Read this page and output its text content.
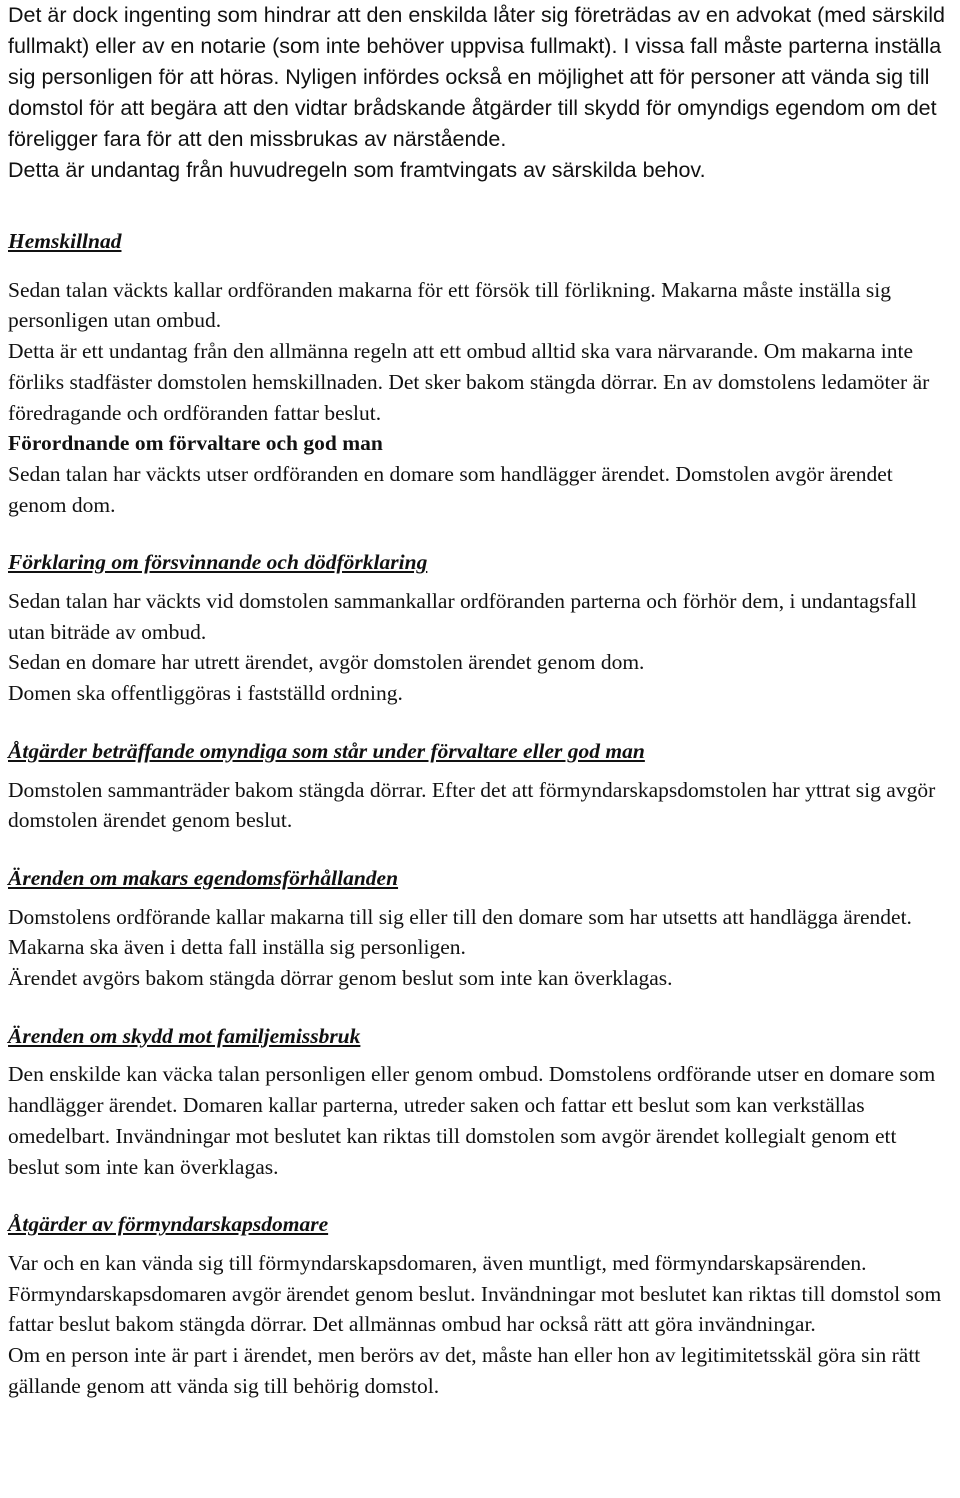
Det är dock ingenting som hindrar att den enskilda låter sig företrädas av en advokat (med särskild fullmakt) eller av en notarie (som inte behöver uppvisa fullmakt). I vissa fall måste parterna inställa sig personligen för att höras. Nyligen infördes också en möjlighet att för personer att vända sig till domstol för att begära att den vidtar brådskande åtgärder till skydd för omyndigs egendom om det föreligger fara för att den missbrukas av närstående.

Detta är undantag från huvudregeln som framtvingats av särskilda behov.

Hemskillnad

Sedan talan väckts kallar ordföranden makarna för ett försök till förlikning. Makarna måste inställa sig personligen utan ombud.

Detta är ett undantag från den allmänna regeln att ett ombud alltid ska vara närvarande. Om makarna inte förliks stadfäster domstolen hemskillnaden. Det sker bakom stängda dörrar. En av domstolens ledamöter är föredragande och ordföranden fattar beslut.

Förordnande om förvaltare och god man

Sedan talan har väckts utser ordföranden en domare som handlägger ärendet. Domstolen avgör ärendet genom dom.

Förklaring om försvinnande och dödförklaring

Sedan talan har väckts vid domstolen sammankallar ordföranden parterna och förhör dem, i undantagsfall utan biträde av ombud.

Sedan en domare har utrett ärendet, avgör domstolen ärendet genom dom.

Domen ska offentliggöras i fastställd ordning.

Åtgärder beträffande omyndiga som står under förvaltare eller god man

Domstolen sammanträder bakom stängda dörrar. Efter det att förmyndarskapsdomstolen har yttrat sig avgör domstolen ärendet genom beslut.

Ärenden om makars egendomsförhållanden

Domstolens ordförande kallar makarna till sig eller till den domare som har utsetts att handlägga ärendet. Makarna ska även i detta fall inställa sig personligen.

Ärendet avgörs bakom stängda dörrar genom beslut som inte kan överklagas.

Ärenden om skydd mot familjemissbruk

Den enskilde kan väcka talan personligen eller genom ombud. Domstolens ordförande utser en domare som handlägger ärendet. Domaren kallar parterna, utreder saken och fattar ett beslut som kan verkställas omedelbart. Invändningar mot beslutet kan riktas till domstolen som avgör ärendet kollegialt genom ett beslut som inte kan överklagas.

Åtgärder av förmyndarskapsdomare

Var och en kan vända sig till förmyndarskapsdomaren, även muntligt, med förmyndarskapsärenden.

Förmyndarskapsdomaren avgör ärendet genom beslut. Invändningar mot beslutet kan riktas till domstol som fattar beslut bakom stängda dörrar. Det allmännas ombud har också rätt att göra invändningar.

Om en person inte är part i ärendet, men berörs av det, måste han eller hon av legitimitetsskäl göra sin rätt gällande genom att vända sig till behörig domstol.
